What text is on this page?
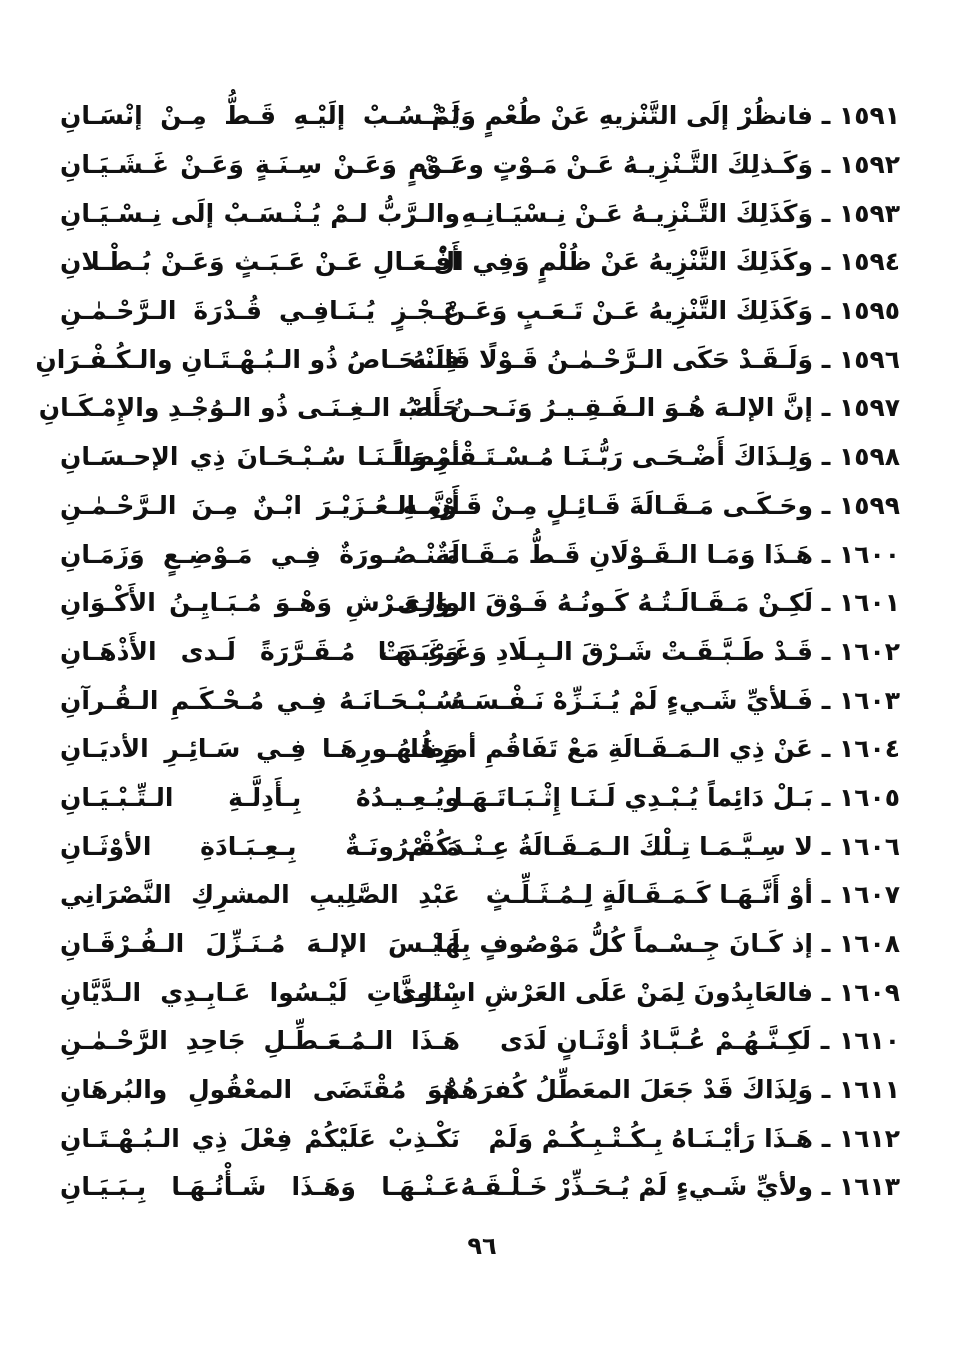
١٥٩١ ـ فانظُرْ إلَى التَّنْزيهِ عَنْ طُعْمٍ وَلَمْ
يَـنْـسُـبْ إلَيْـهِ قَـطُّ مِـنْ إنْسَـانِ
١٥٩٢ ـ وَكَـذلِكَ التَّـنْزِيـهُ عَـنْ مَـوْتٍ وعَـنْ
نَـوْمٍ وَعَـنْ سِـنَـةٍ وَعَـنْ غَـشَـيَـانِ
١٥٩٣ ـ وَكَذَلِكَ التَّـنْزِيـهُ عَـنْ نِـسْيَـانِـهِ
والـرَّبُّ لـمْ يُـنْـسَـبْ إلَى نِـسْـيَـانِ
١٥٩٤ ـ وكَذَلِكَ التَّنْزِيهُ عَنْ ظُلْمٍ وَفِي الْ
أَفْـعَـالِ عَـنْ عَـبَـثٍ وَعَـنْ بُـطْـلانِ
١٥٩٥ ـ وَكَذَلِكَ التَّنْزِيهُ عَـنْ تَـعَـبٍ وَعَـنْ
عَـجْـزٍ يُـنَـافِـي قُـدْرَةَ الـرَّحْـمٰـنِ
١٥٩٦ ـ وَلَـقَـدْ حَكَى الـرَّحْـمٰـنُ قَـوْلًا قَالَـهُ
فِـنْـحَـاصُ ذُو الـبُـهْـتَـانِ والـكُـفْـرَانِ
١٥٩٧ ـ إنَّ الإلـهَ هُـوَ الـفَـقِـيـرُ وَنَـحـنُ أَصْـ
حَـابُ الـغِـنَـى ذُو الـوُجْـدِ والإِمْـكَـانِ
١٥٩٨ ـ وَلِـذَاكَ أَضْـحَـى رَبُّـنَـا مُـسْـتَـقْـرِضـاً
أمْـوَالَـنَـا سُـبْـحَـانَ ذِي الإحـسَـانِ
١٥٩٩ ـ وحَـكَـى مَـقَـالَةَ قَـائِـلٍ مِـنْ قَـوْمِـهِ
أَنَّ الـعُـزَيْـرَ ابْـنٌ مِـنَ الـرَّحْـمٰـنِ
١٦٠٠ ـ هَـذَا وَمَـا الـقَـوْلَانِ قَـطُّ مَـقَـالَةٌ
مَـنْـصُـورَةٌ فِـي مَـوْضِـعٍ وَزَمَـانِ
١٦٠١ ـ لَكِـنْ مَـقَـالَـتُـهُ كَـونُـهُ فَـوْقَ الـوَرَى
والـعَـرْشِ وَهْـوَ مُـبَـايِـنُ الأَكْـوَانِ
١٦٠٢ ـ قَـدْ طَـبَّـقَـتْ شَـرْقَ الـبِـلَادِ وَغَـرْبَـهَـا
وَغَـدَتْ مُـقَـرَّرَةً لَـدى الأَذْهَـانِ
١٦٠٣ ـ فَـلأيِّ شَـيءٍ لَمْ يُـنَـزِّهْ نَـفْـسَـهُ
سُـبْـحَـانَـهُ فِـي مُـحْـكَـمِ الـقُـرآنِ
١٦٠٤ ـ عَنْ ذِي الـمَـقَـالَةِ مَعْ تَفَاقُمِ أمرِهَا
وَظُـهُـورِهَـا فِـي سَـائِـرِ الأديَـانِ
١٦٠٥ ـ بَـلْ دَائِماً يُـبْـدِي لَـنَـا إِثْـبَـاتَـهَـا
ويُـعِـيـدُهُ بِـأَدِلَّـةِ الـتِّـبْـيَـانِ
١٦٠٦ ـ لا سِـيَّـمَـا تِـلْكَ الـمَـقَـالَةُ عِـنْـدَكُـمْ
مَـقْـرُونَـةٌ بِـعِـبَـادَةِ الأوْثَـانِ
١٦٠٧ ـ أوْ أَنَّـهَـا كَـمَـقَـالَةٍ لِـمُـثَـلِّـثٍ
عَبْدِ الصَّلِيبِ المشرِكِ النَّصْرَانِي
١٦٠٨ ـ إذ كَـانَ جِـسْـماً كُلُّ مَوْصُوفٍ بِهَا
لَـيْـسَ الإلـهَ مُـنَـزِّلَ الـفُـرْقَـانِ
١٦٠٩ ـ فالعَابِدُونَ لِمَنْ عَلَى العَرْشِ اسْتَوى
بِـالـذَّاتِ لَيْـسُوا عَـابِـدِي الـدَّيَّانِ
١٦١٠ ـ لَكِـنَّـهُـمْ عُـبَّـادُ أوْثَـانٍ لَدَى
هَـذَا الـمُـعَـطِّـلِ جَاحِدِ الرَّحْـمٰـنِ
١٦١١ ـ وَلِذَاكَ قَدْ جَعَلَ المعَطِّلُ كُفرَهُمْ
هُوَ مُقْتَضَى المعْقُولِ والبُرهَانِ
١٦١٢ ـ هَـذَا رَأيْـنَـاهُ بِـكُـتْـبِـكُـمْ وَلَمْ
نَكْـذِبْ عَلَيْكُمْ فِعْلَ ذِي الـبُـهْـتَـانِ
١٦١٣ ـ ولأيِّ شَـيءٍ لَمْ يُـحَـذِّرْ خَـلْـقَـهُ
عَـنْـهَـا وَهَـذَا شَـأْنُـهَـا بِـبَـيَـانِ
٩٦
